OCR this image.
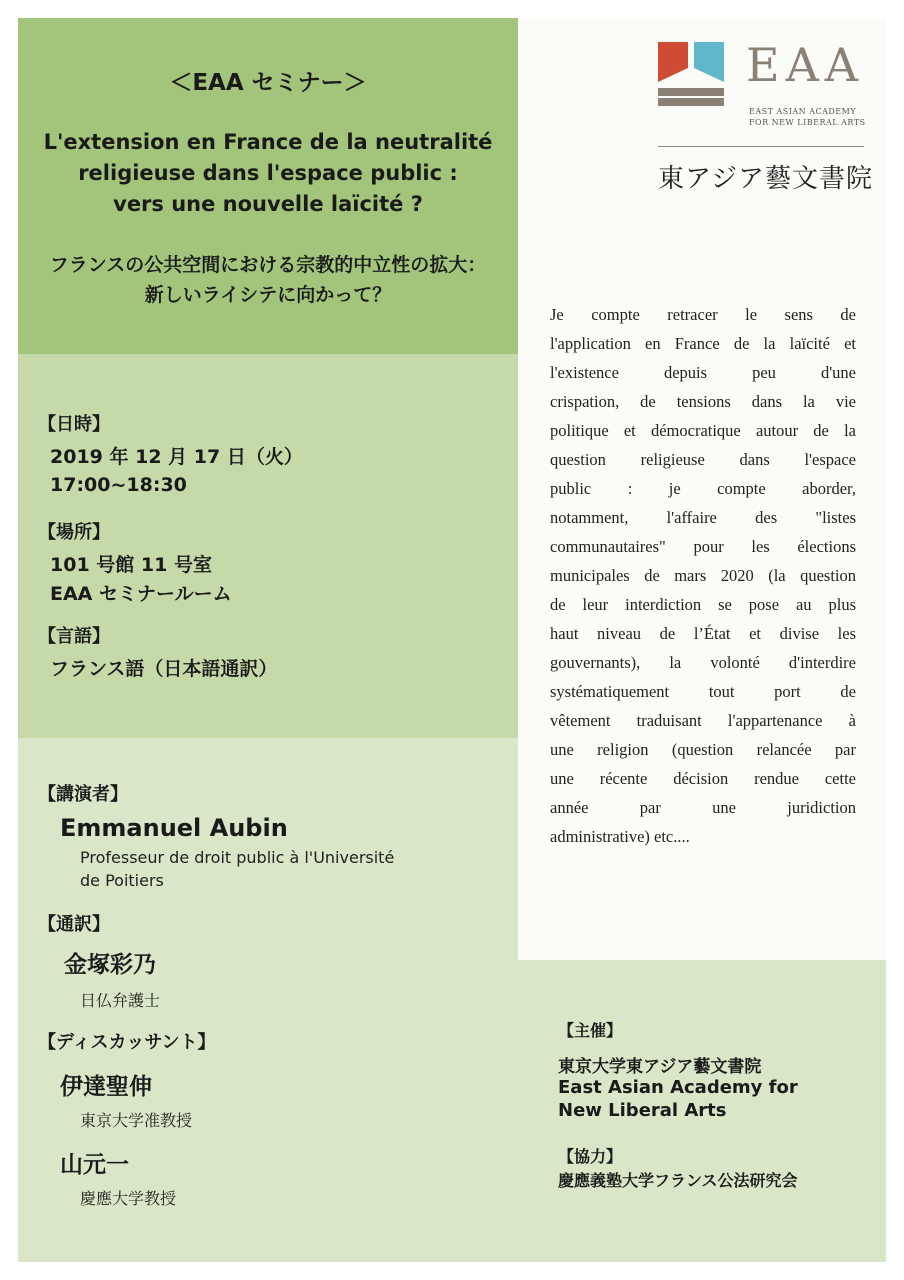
＜EAA セミナー＞
L'extension en France de la neutralité
religieuse dans l'espace public :
vers une nouvelle laïcité ?
フランスの公共空間における宗教的中立性の拡大：
新しいライシテに向かって？
【日時】
2019 年 12 月 17 日（火）
17:00~18:30
【場所】
101 号館 11 号室
EAA セミナールーム
【言語】
フランス語（日本語通訳）
【講演者】
Emmanuel Aubin
Professeur de droit public à l'Université
de Poitiers
【通訳】
金塚彩乃
日仏弁護士
【ディスカッサント】
伊達聖伸
東京大学准教授
山元一
慶應大学教授
EAA
EAST ASIAN ACADEMY
FOR NEW LIBERAL ARTS
東アジア藝文書院
Je compte retracer le sens de
l'application en France de la laïcité et
l'existence depuis peu d'une
crispation, de tensions dans la vie
politique et démocratique autour de la
question religieuse dans l'espace
public : je compte aborder,
notamment, l'affaire des "listes
communautaires" pour les élections
municipales de mars 2020 (la question
de leur interdiction se pose au plus
haut niveau de l’État et divise les
gouvernants), la volonté d'interdire
systématiquement tout port de
vêtement traduisant l'appartenance à
une religion (question relancée par
une récente décision rendue cette
année par une juridiction
administrative) etc....
【主催】
東京大学東アジア藝文書院
East Asian Academy for
New Liberal Arts
【協力】
慶應義塾大学フランス公法研究会
